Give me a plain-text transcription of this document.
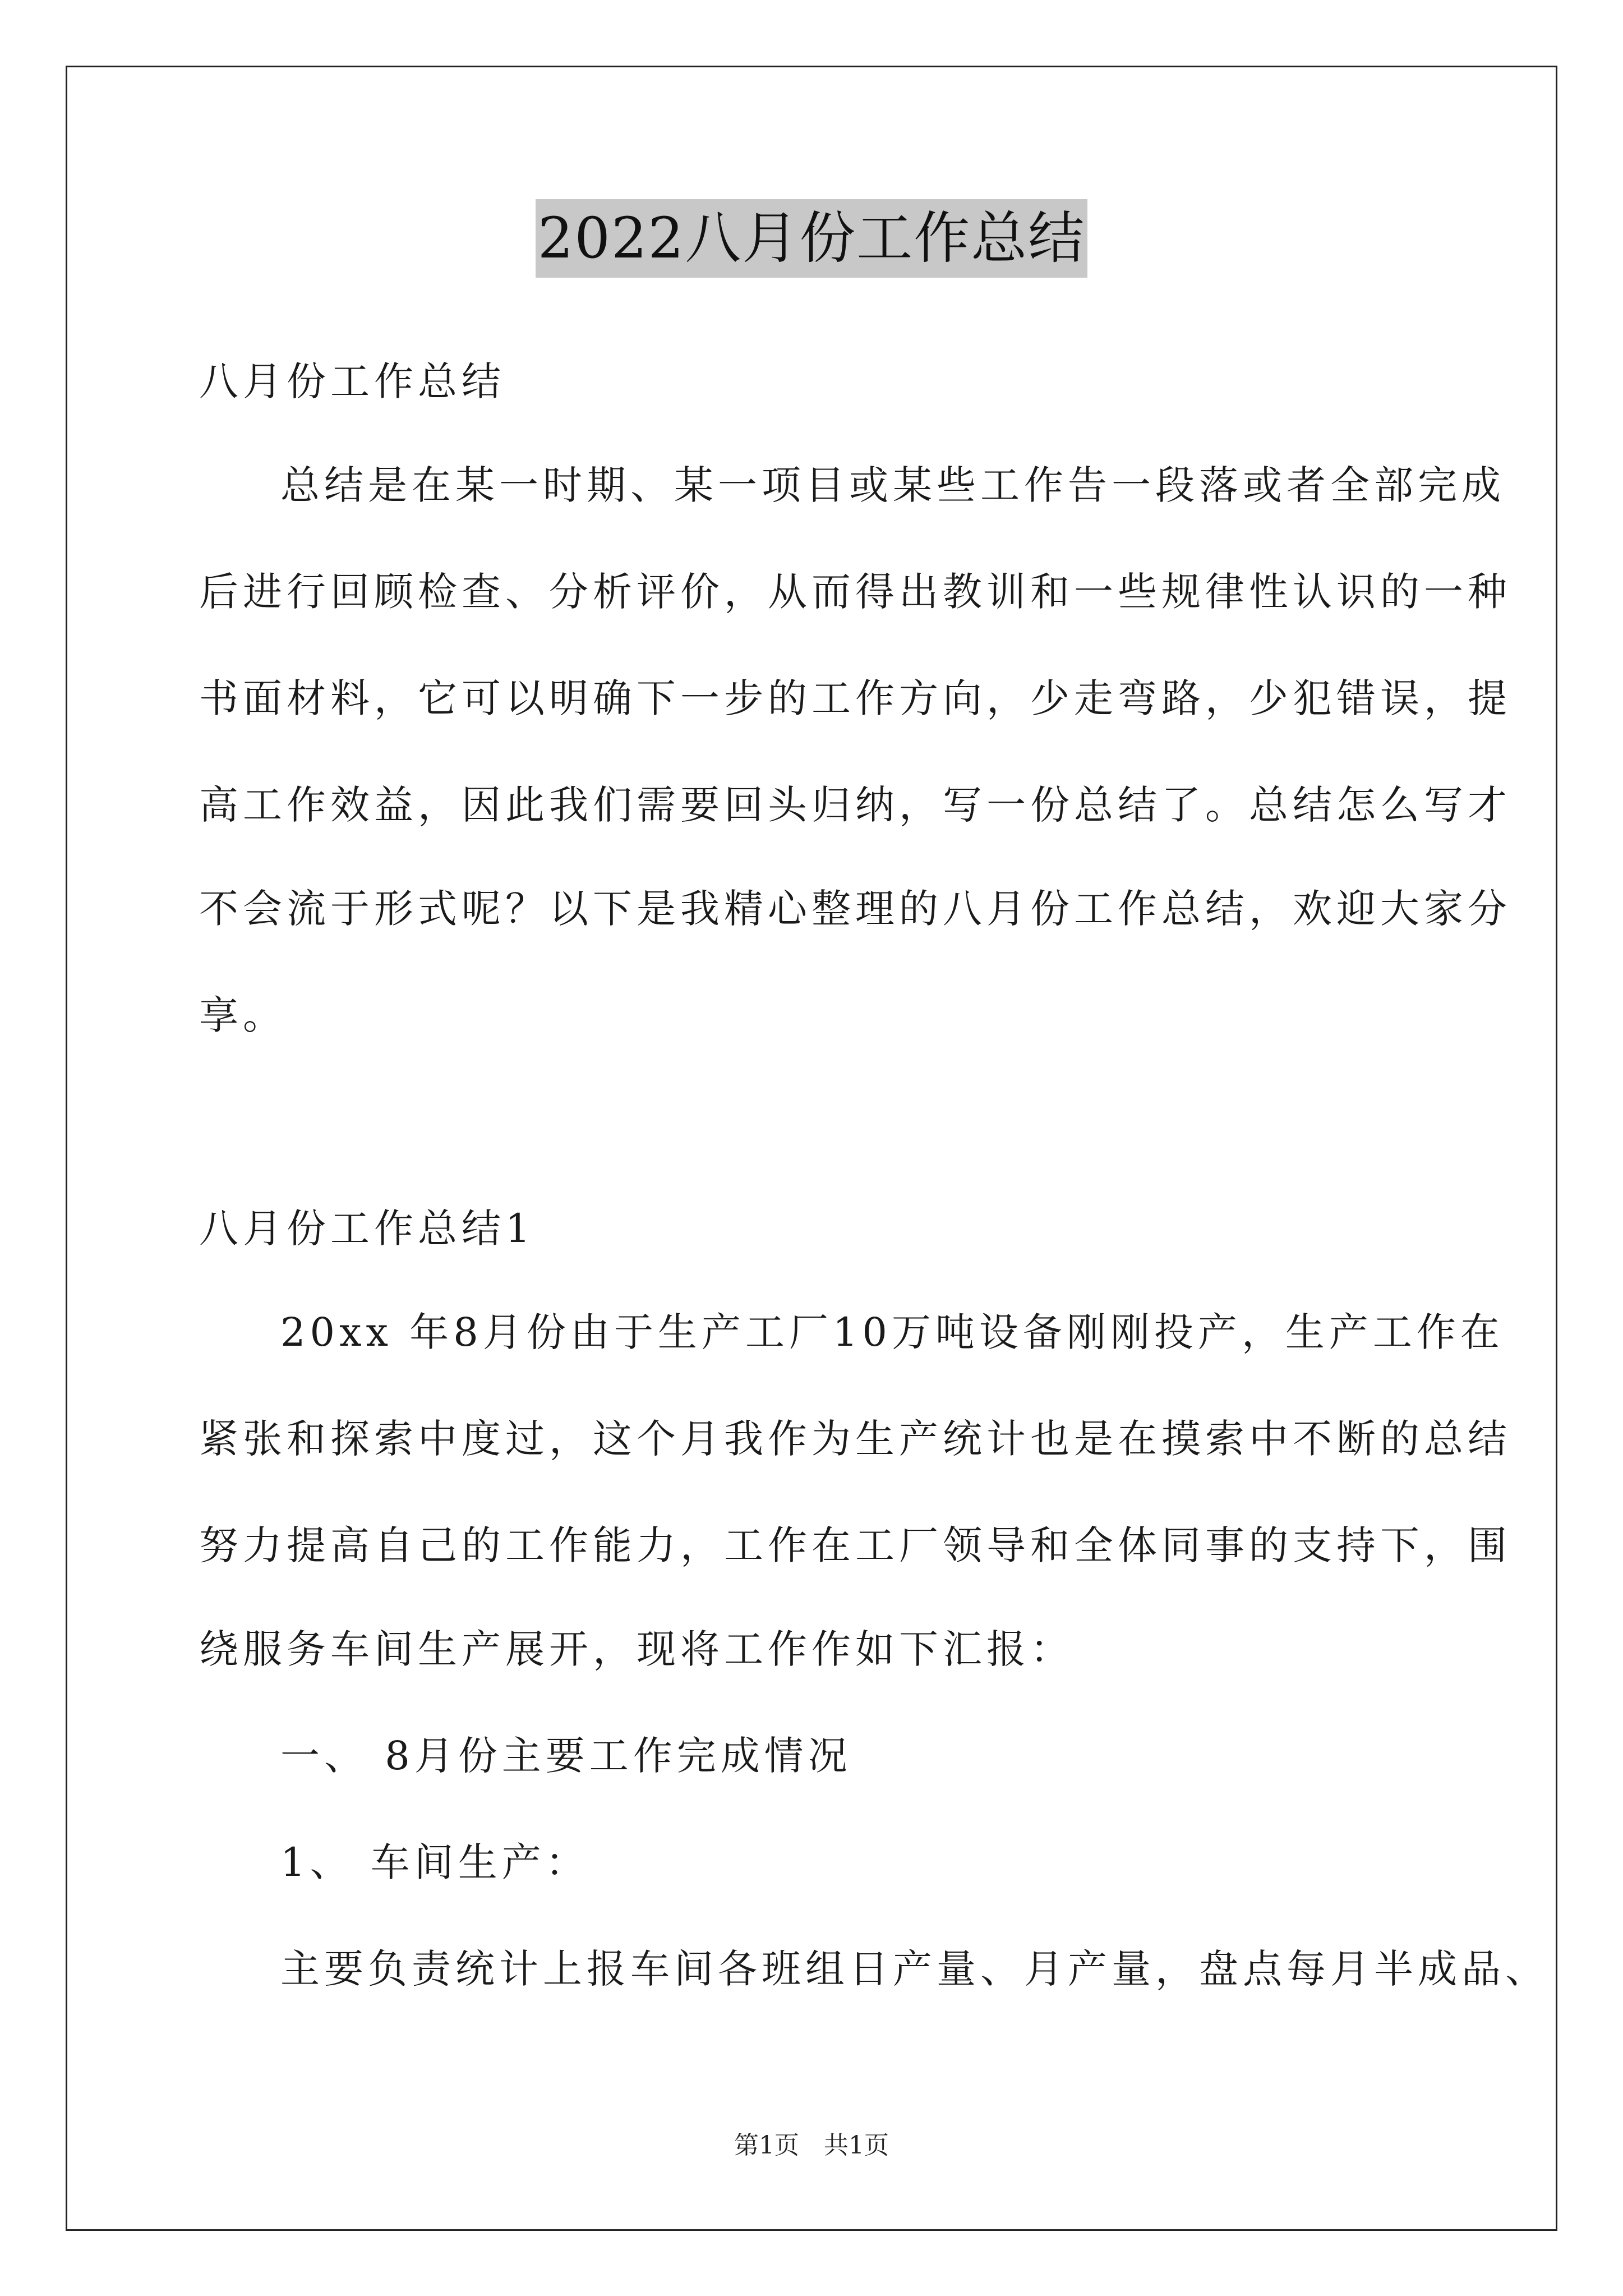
2022八月份工作总结
八月份工作总结
总结是在某一时期、某一项目或某些工作告一段落或者全部完成
后进行回顾检查、分析评价，从而得出教训和一些规律性认识的一种
书面材料，它可以明确下一步的工作方向，少走弯路，少犯错误，提
高工作效益，因此我们需要回头归纳，写一份总结了。总结怎么写才
不会流于形式呢？以下是我精心整理的八月份工作总结，欢迎大家分
享。
八月份工作总结1
20xx 年8月份由于生产工厂10万吨设备刚刚投产，生产工作在
紧张和探索中度过，这个月我作为生产统计也是在摸索中不断的总结
努力提高自己的工作能力，工作在工厂领导和全体同事的支持下，围
绕服务车间生产展开，现将工作作如下汇报：
一、 8月份主要工作完成情况
1、 车间生产：
主要负责统计上报车间各班组日产量、月产量，盘点每月半成品、
第1页　共1页
